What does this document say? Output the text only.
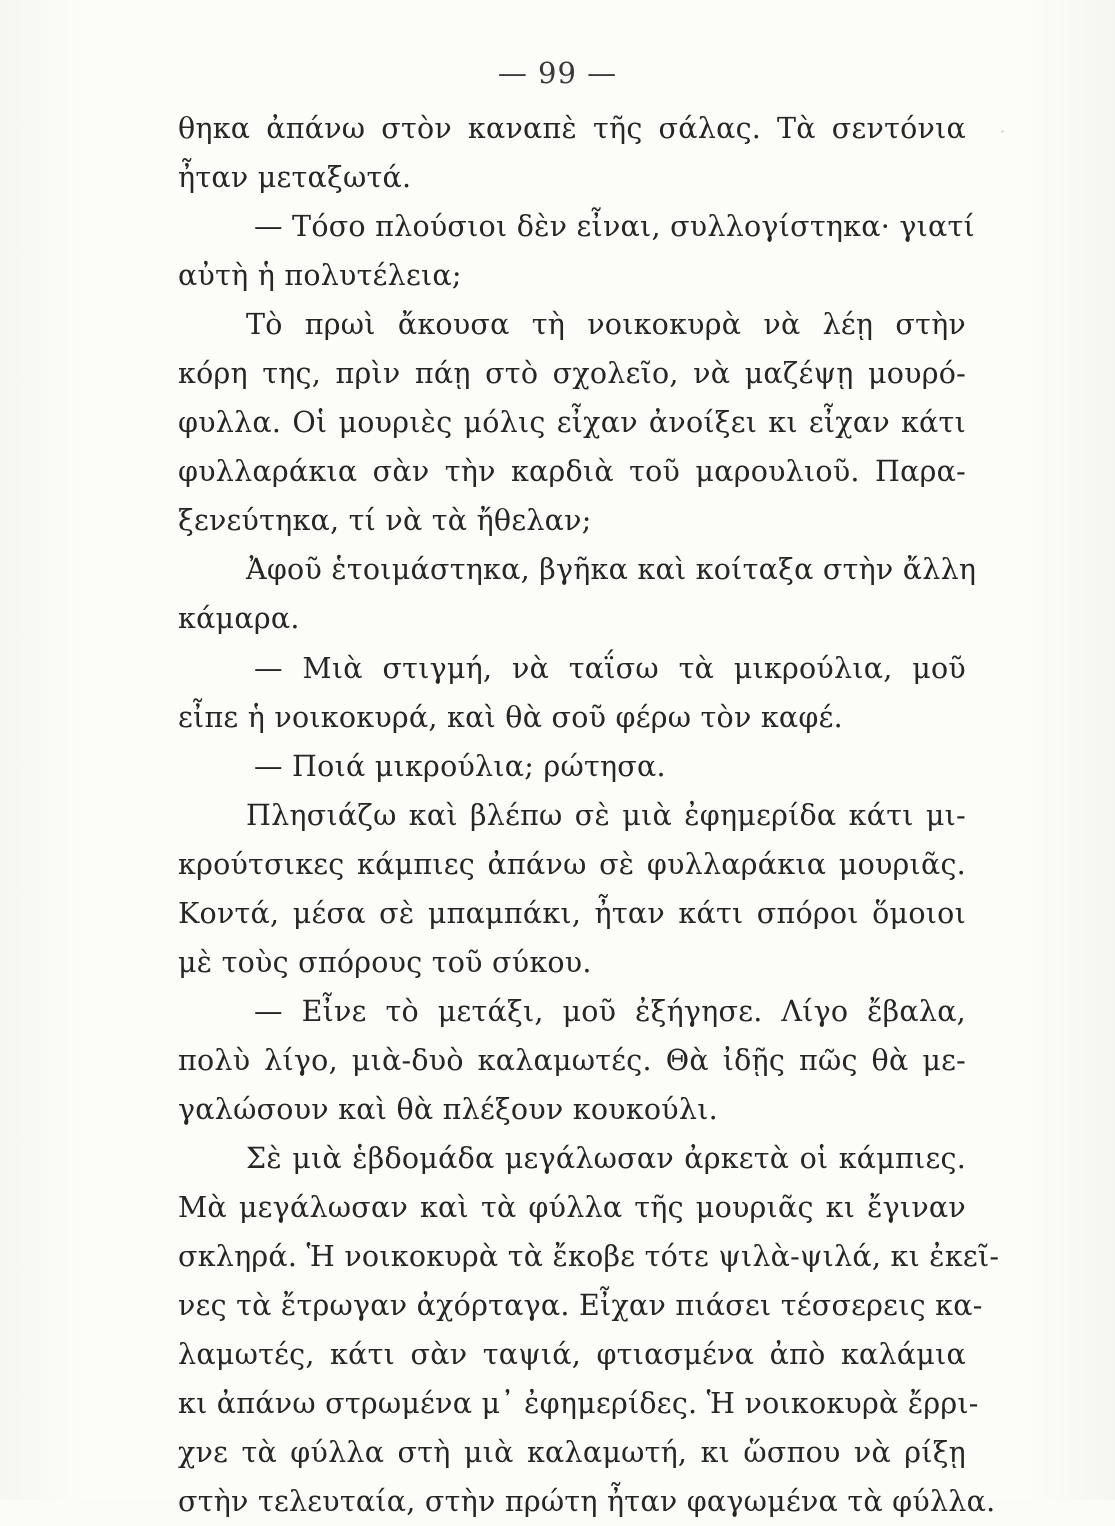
— 99 —
θηκα ἀπάνω στὸν καναπὲ τῆς σάλας. Τὰ σεντόνια
ἦταν μεταξωτά.
— Τόσο πλούσιοι δὲν εἶναι, συλλογίστηκα· γιατί
αὐτὴ ἡ πολυτέλεια;
Τὸ πρωὶ ἄκουσα τὴ νοικοκυρὰ νὰ λέῃ στὴν
κόρη της, πρὶν πάῃ στὸ σχολεῖο, νὰ μαζέψῃ μουρό-
φυλλα. Οἱ μουριὲς μόλις εἶχαν ἀνοίξει κι εἶχαν κάτι
φυλλαράκια σὰν τὴν καρδιὰ τοῦ μαρουλιοῦ. Παρα-
ξενεύτηκα, τί νὰ τὰ ἤθελαν;
Ἀφοῦ ἑτοιμάστηκα, βγῆκα καὶ κοίταξα στὴν ἄλλη
κάμαρα.
— Μιὰ στιγμή, νὰ ταΐσω τὰ μικρούλια, μοῦ
εἶπε ἡ νοικοκυρά, καὶ θὰ σοῦ φέρω τὸν καφέ.
— Ποιά μικρούλια; ρώτησα.
Πλησιάζω καὶ βλέπω σὲ μιὰ ἐφημερίδα κάτι μι-
κρούτσικες κάμπιες ἀπάνω σὲ φυλλαράκια μουριᾶς.
Κοντά, μέσα σὲ μπαμπάκι, ἦταν κάτι σπόροι ὅμοιοι
μὲ τοὺς σπόρους τοῦ σύκου.
— Εἶνε τὸ μετάξι, μοῦ ἐξήγησε. Λίγο ἔβαλα,
πολὺ λίγο, μιὰ-δυὸ καλαμωτές. Θὰ ἰδῇς πῶς θὰ με-
γαλώσουν καὶ θὰ πλέξουν κουκούλι.
Σὲ μιὰ ἑβδομάδα μεγάλωσαν ἀρκετὰ οἱ κάμπιες.
Μὰ μεγάλωσαν καὶ τὰ φύλλα τῆς μουριᾶς κι ἔγιναν
σκληρά. Ἡ νοικοκυρὰ τὰ ἔκοβε τότε ψιλὰ-ψιλά, κι ἐκεῖ-
νες τὰ ἔτρωγαν ἀχόρταγα. Εἶχαν πιάσει τέσσερεις κα-
λαμωτές, κάτι σὰν ταψιά, φτιασμένα ἀπὸ καλάμια
κι ἀπάνω στρωμένα μ᾽ ἐφημερίδες. Ἡ νοικοκυρὰ ἔρρι-
χνε τὰ φύλλα στὴ μιὰ καλαμωτή, κι ὥσπου νὰ ρίξῃ
στὴν τελευταία, στὴν πρώτη ἦταν φαγωμένα τὰ φύλλα.
·
